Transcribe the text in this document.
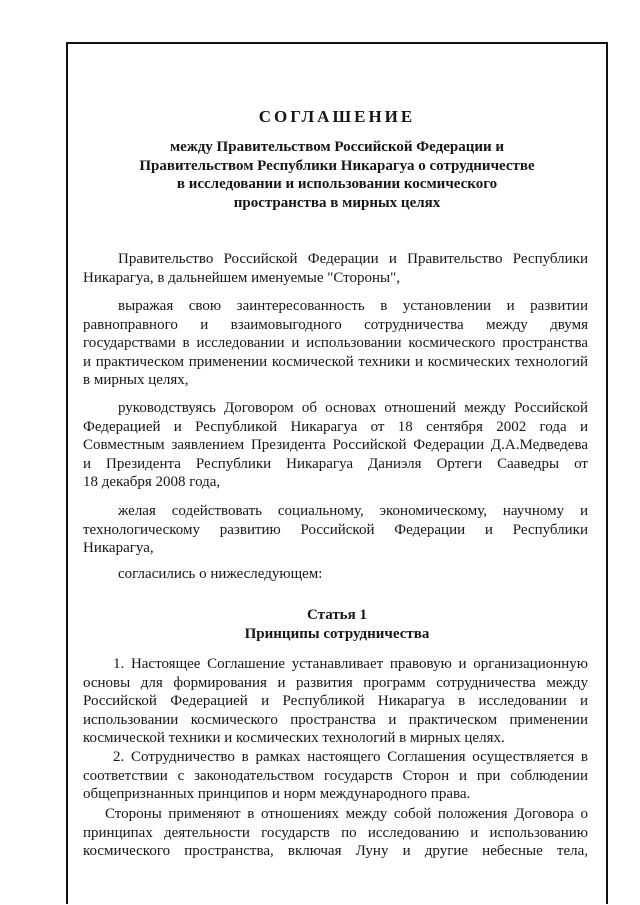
СОГЛАШЕНИЕ
между Правительством Российской Федерации и
Правительством Республики Никарагуа о сотрудничестве
в исследовании и использовании космического
пространства в мирных целях
Правительство Российской Федерации и Правительство Республики
Никарагуа, в дальнейшем именуемые "Стороны",
выражая свою заинтересованность в установлении и развитии
равноправного и взаимовыгодного сотрудничества между двумя
государствами в исследовании и использовании космического пространства
и практическом применении космической техники и космических технологий
в мирных целях,
руководствуясь Договором об основах отношений между Российской
Федерацией и Республикой Никарагуа от 18 сентября 2002 года и
Совместным заявлением Президента Российской Федерации Д.А.Медведева
и Президента Республики Никарагуа Даниэля Ортеги Сааведры от
18 декабря 2008 года,
желая содействовать социальному, экономическому, научному и
технологическому развитию Российской Федерации и Республики
Никарагуа,
согласились о нижеследующем:
Статья 1
Принципы сотрудничества
1. Настоящее Соглашение устанавливает правовую и организационную
основы для формирования и развития программ сотрудничества между
Российской Федерацией и Республикой Никарагуа в исследовании и
использовании космического пространства и практическом применении
космической техники и космических технологий в мирных целях.
2. Сотрудничество в рамках настоящего Соглашения осуществляется в
соответствии с законодательством государств Сторон и при соблюдении
общепризнанных принципов и норм международного права.
Стороны применяют в отношениях между собой положения Договора о
принципах деятельности государств по исследованию и использованию
космического пространства, включая Луну и другие небесные тела,
